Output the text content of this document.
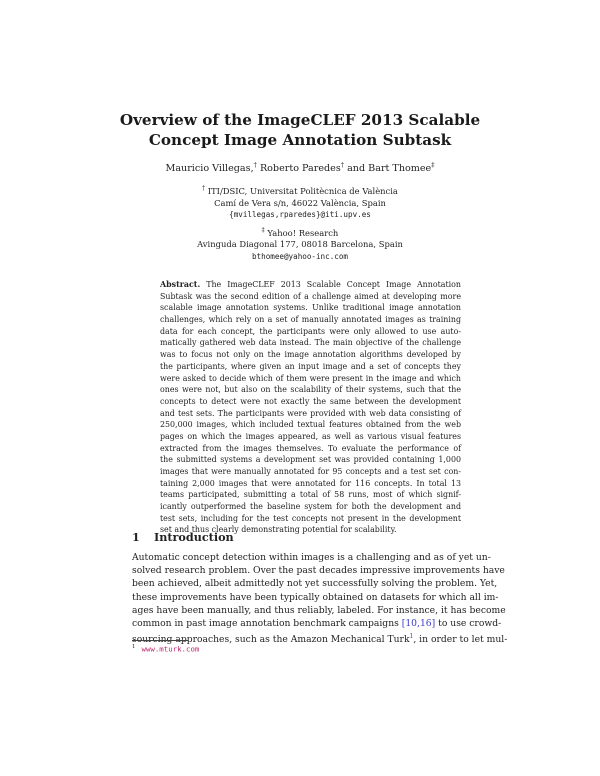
Overview of the ImageCLEF 2013 Scalable
Concept Image Annotation Subtask
Mauricio Villegas,† Roberto Paredes† and Bart Thomee‡
† ITI/DSIC, Universitat Politècnica de València
Camí de Vera s/n, 46022 València, Spain
{mvillegas,rparedes}@iti.upv.es
‡ Yahoo! Research
Avinguda Diagonal 177, 08018 Barcelona, Spain
bthomee@yahoo-inc.com
Abstract. The ImageCLEF 2013 Scalable Concept Image Annotation
Subtask was the second edition of a challenge aimed at developing more
scalable image annotation systems. Unlike traditional image annotation
challenges, which rely on a set of manually annotated images as training
data for each concept, the participants were only allowed to use auto-
matically gathered web data instead. The main objective of the challenge
was to focus not only on the image annotation algorithms developed by
the participants, where given an input image and a set of concepts they
were asked to decide which of them were present in the image and which
ones were not, but also on the scalability of their systems, such that the
concepts to detect were not exactly the same between the development
and test sets. The participants were provided with web data consisting of
250,000 images, which included textual features obtained from the web
pages on which the images appeared, as well as various visual features
extracted from the images themselves. To evaluate the performance of
the submitted systems a development set was provided containing 1,000
images that were manually annotated for 95 concepts and a test set con-
taining 2,000 images that were annotated for 116 concepts. In total 13
teams participated, submitting a total of 58 runs, most of which signif-
icantly outperformed the baseline system for both the development and
test sets, including for the test concepts not present in the development
set and thus clearly demonstrating potential for scalability.
1 Introduction
Automatic concept detection within images is a challenging and as of yet un-
solved research problem. Over the past decades impressive improvements have
been achieved, albeit admittedly not yet successfully solving the problem. Yet,
these improvements have been typically obtained on datasets for which all im-
ages have been manually, and thus reliably, labeled. For instance, it has become
common in past image annotation benchmark campaigns [10,16] to use crowd-
sourcing approaches, such as the Amazon Mechanical Turk$^1$, in order to let mul-
$^1$ www.mturk.com
